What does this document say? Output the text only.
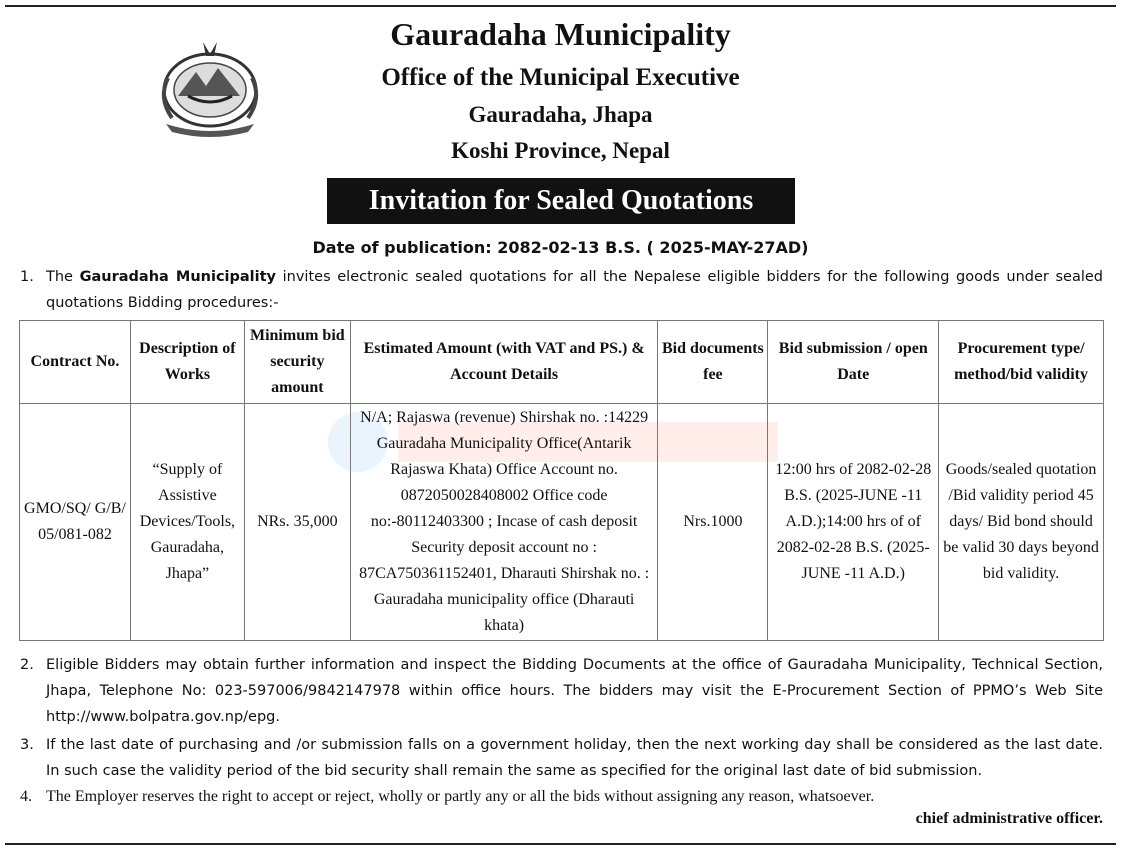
Gauradaha Municipality
Office of the Municipal Executive
Gauradaha, Jhapa
Koshi Province, Nepal
Invitation for Sealed Quotations
Date of publication: 2082-02-13 B.S. ( 2025-MAY-27AD)
1. The Gauradaha Municipality invites electronic sealed quotations for all the Nepalese eligible bidders for the following goods under sealed quotations Bidding procedures:-
Contract No.	Description of Works	Minimum bid security amount	Estimated Amount (with VAT and PS.) & Account Details	Bid documents fee	Bid submission / open Date	Procurement type/ method/bid validity
GMO/SQ/ G/B/ 05/081-082	“Supply of Assistive Devices/Tools, Gauradaha, Jhapa”	NRs. 35,000	N/A; Rajaswa (revenue) Shirshak no. :14229 Gauradaha Municipality Office(Antarik Rajaswa Khata) Office Account no. 0872050028408002 Office code no:-80112403300 ; Incase of cash deposit Security deposit account no : 87CA750361152401, Dharauti Shirshak no. : Gauradaha municipality office (Dharauti khata)	Nrs.1000	12:00 hrs of 2082-02-28 B.S. (2025-JUNE -11 A.D.);14:00 hrs of of 2082-02-28 B.S. (2025-JUNE -11 A.D.)	Goods/sealed quotation /Bid validity period 45 days/ Bid bond should be valid 30 days beyond bid validity.
2. Eligible Bidders may obtain further information and inspect the Bidding Documents at the office of Gauradaha Municipality, Technical Section, Jhapa, Telephone No: 023-597006/9842147978 within office hours. The bidders may visit the E-Procurement Section of PPMO’s Web Site http://www.bolpatra.gov.np/epg.
3. If the last date of purchasing and /or submission falls on a government holiday, then the next working day shall be considered as the last date. In such case the validity period of the bid security shall remain the same as specified for the original last date of bid submission.
4. The Employer reserves the right to accept or reject, wholly or partly any or all the bids without assigning any reason, whatsoever.
chief administrative officer.
